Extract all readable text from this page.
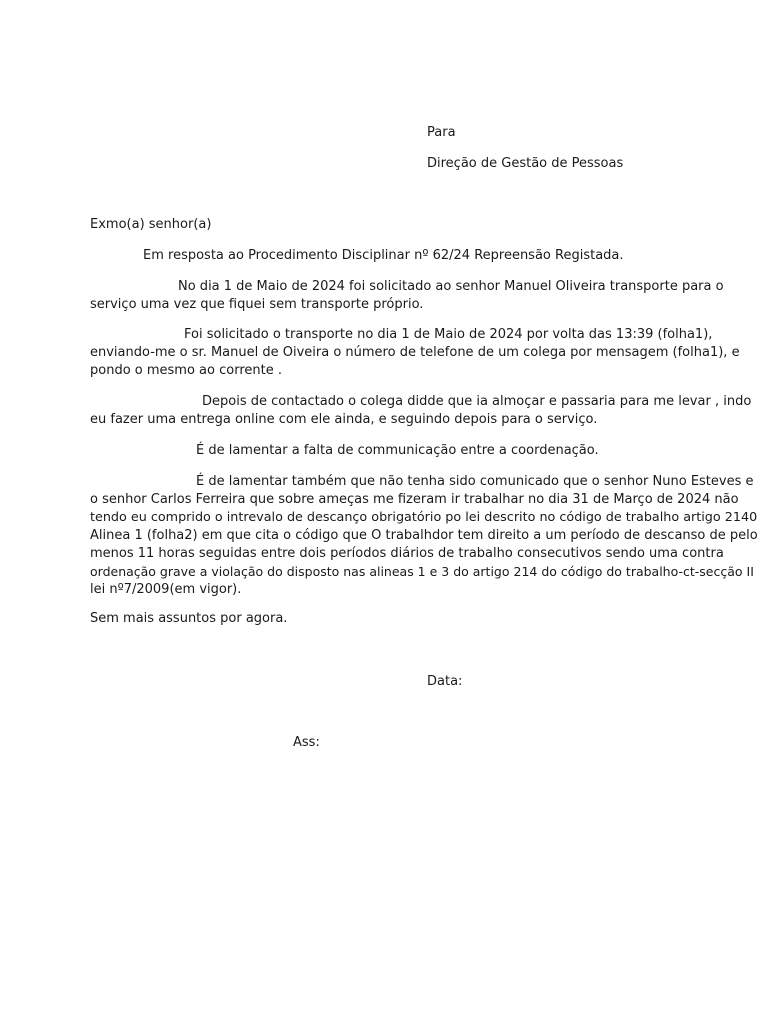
Para
Direção de Gestão de Pessoas
Exmo(a) senhor(a)
Em resposta ao Procedimento Disciplinar nº 62/24 Repreensão Registada.
No dia 1 de Maio de 2024 foi solicitado ao senhor Manuel Oliveira transporte para o
serviço uma vez que fiquei sem transporte próprio.
Foi solicitado o transporte no dia 1 de Maio de 2024 por volta das 13:39 (folha1),
enviando-me o sr. Manuel de Oiveira o número de telefone de um colega por mensagem (folha1), e
pondo o mesmo ao corrente .
Depois de contactado o colega didde que ia almoçar e passaria para me levar , indo
eu fazer uma entrega online com ele ainda, e seguindo depois para o serviço.
É de lamentar a falta de communicação entre a coordenação.
É de lamentar também que não tenha sido comunicado que o senhor Nuno Esteves e
o senhor Carlos Ferreira que sobre ameças me fizeram ir trabalhar no dia 31 de Março de 2024 não
tendo eu comprido o intrevalo de descanço obrigatório po lei descrito no código de trabalho artigo 2140
Alinea 1 (folha2) em que cita o código que O trabalhdor tem direito a um período de descanso de pelo
menos 11 horas seguidas entre dois períodos diários de trabalho consecutivos sendo uma contra
ordenação grave a violação do disposto nas alineas 1 e 3 do artigo 214 do código do trabalho-ct-secção II
lei nº7/2009(em vigor).
Sem mais assuntos por agora.
Data:
Ass:
